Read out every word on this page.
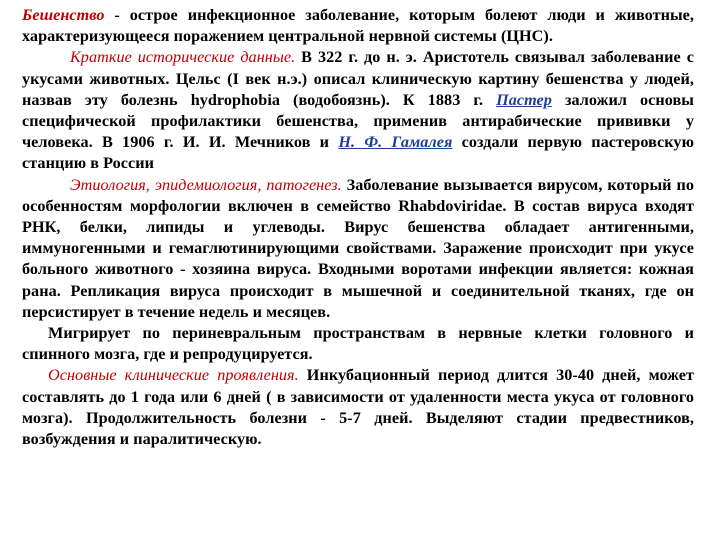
Бешенство - острое инфекционное заболевание, которым болеют люди и животные, характеризующееся поражением центральной нервной системы (ЦНС).

Краткие исторические данные. В 322 г. до н. э. Аристотель связывал заболевание с укусами животных. Цельс (I век н.э.) описал клиническую картину бешенства у людей, назвав эту болезнь hydrophobia (водобоязнь). К 1883 г. Пастер заложил основы специфической профилактики бешенства, применив антирабические прививки у человека. В 1906 г. И. И. Мечников и Н. Ф. Гамалея создали первую пастеровскую станцию в России

Этиология, эпидемиология, патогенез. Заболевание вызывается вирусом, который по особенностям морфологии включен в семейство Rhabdoviridae. В состав вируса входят РНК, белки, липиды и углеводы. Вирус бешенства обладает антигенными, иммуногенными и гемаглютинирующими свойствами. Заражение происходит при укусе больного животного - хозяина вируса. Входными воротами инфекции является: кожная рана. Репликация вируса происходит в мышечной и соединительной тканях, где он персистирует в течение недель и месяцев.

Мигрирует по периневральным пространствам в нервные клетки головного и спинного мозга, где и репродуцируется.

Основные клинические проявления. Инкубационный период длится 30-40 дней, может составлять до 1 года или 6 дней ( в зависимости от удаленности места укуса от головного мозга). Продолжительность болезни - 5-7 дней. Выделяют стадии предвестников, возбуждения и паралитическую.
